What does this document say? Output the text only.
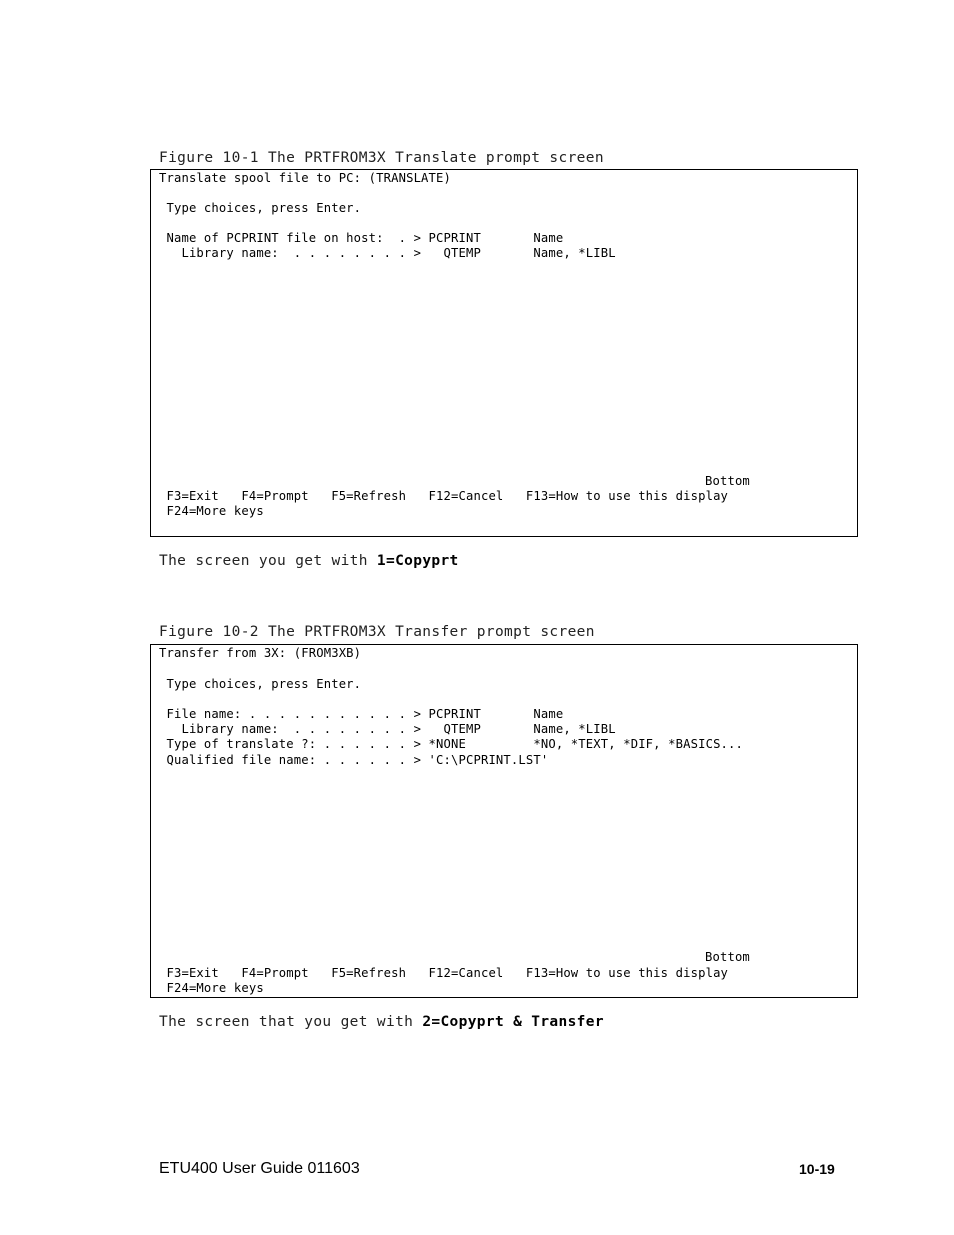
Figure 10-1 The PRTFROM3X Translate prompt screen
Translate spool file to PC: (TRANSLATE)
Type choices, press Enter.
Name of PCPRINT file on host:  . > PCPRINT       Name
Library name:  . . . . . . . . >   QTEMP       Name, *LIBL
Bottom
F3=Exit   F4=Prompt   F5=Refresh   F12=Cancel   F13=How to use this display
F24=More keys
The screen you get with 1=Copyprt
Figure 10-2 The PRTFROM3X Transfer prompt screen
Transfer from 3X: (FROM3XB)
Type choices, press Enter.
File name: . . . . . . . . . . . > PCPRINT       Name
Library name:  . . . . . . . . >   QTEMP       Name, *LIBL
Type of translate ?: . . . . . . > *NONE         *NO, *TEXT, *DIF, *BASICS...
Qualified file name: . . . . . . > 'C:\PCPRINT.LST'
Bottom
F3=Exit   F4=Prompt   F5=Refresh   F12=Cancel   F13=How to use this display
F24=More keys
The screen that you get with 2=Copyprt & Transfer
ETU400 User Guide 011603	10-19
